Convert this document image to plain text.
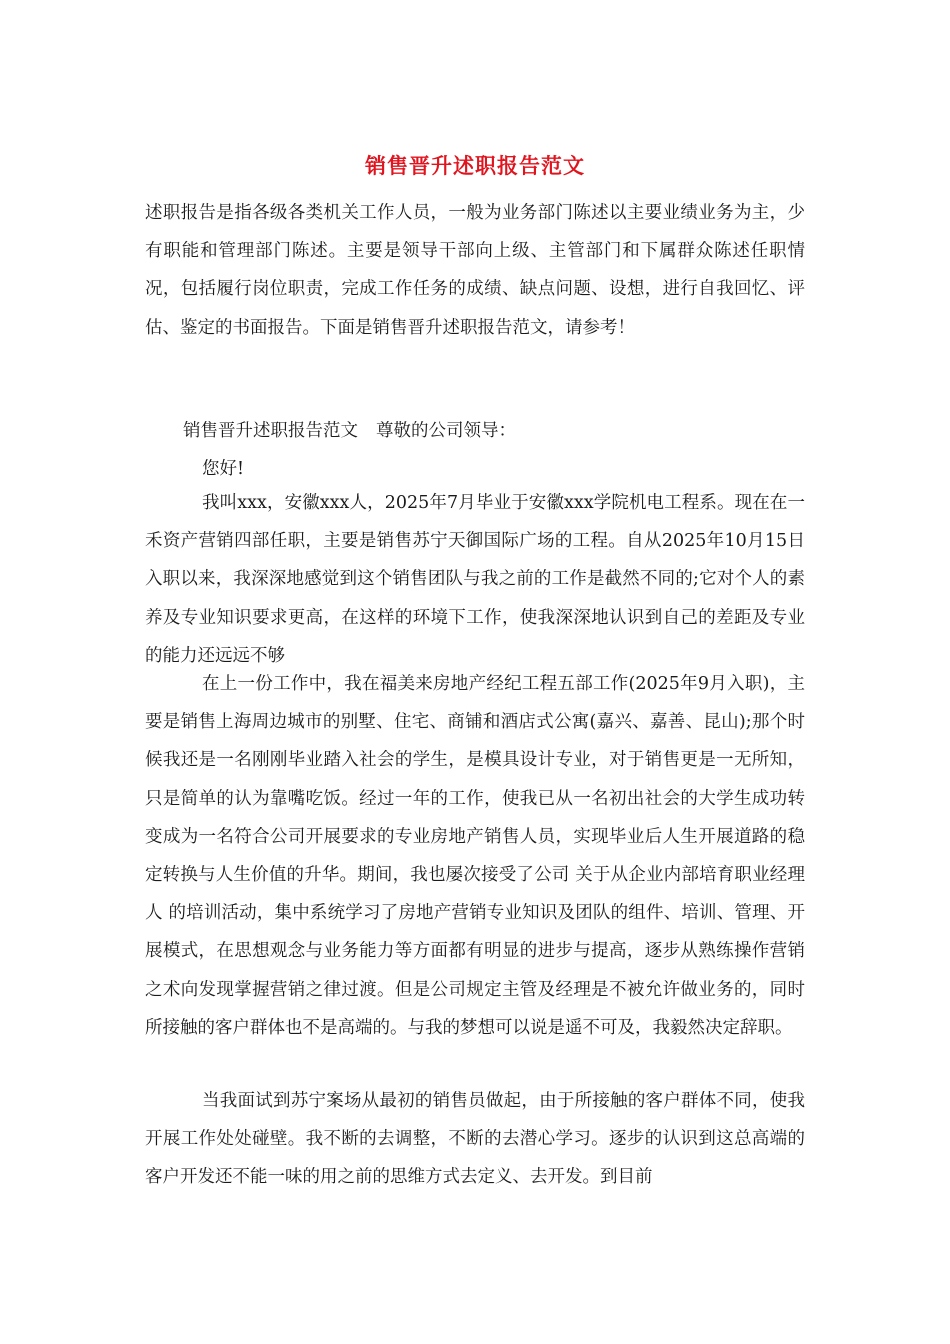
销售晋升述职报告范文
述职报告是指各级各类机关工作人员，一般为业务部门陈述以主要业绩业务为主，少有职能和管理部门陈述。主要是领导干部向上级、主管部门和下属群众陈述任职情况，包括履行岗位职责，完成工作任务的成绩、缺点问题、设想，进行自我回忆、评估、鉴定的书面报告。下面是销售晋升述职报告范文，请参考！
销售晋升述职报告范文 尊敬的公司领导：
您好!
我叫xxx，安徽xxx人，2025年7月毕业于安徽xxx学院机电工程系。现在在一禾资产营销四部任职，主要是销售苏宁天御国际广场的工程。自从2025年10月15日入职以来，我深深地感觉到这个销售团队与我之前的工作是截然不同的;它对个人的素养及专业知识要求更高，在这样的环境下工作，使我深深地认识到自己的差距及专业的能力还远远不够
在上一份工作中，我在福美来房地产经纪工程五部工作(2025年9月入职)，主要是销售上海周边城市的别墅、住宅、商铺和酒店式公寓(嘉兴、嘉善、昆山);那个时候我还是一名刚刚毕业踏入社会的学生，是模具设计专业，对于销售更是一无所知，只是简单的认为靠嘴吃饭。经过一年的工作，使我已从一名初出社会的大学生成功转变成为一名符合公司开展要求的专业房地产销售人员，实现毕业后人生开展道路的稳定转换与人生价值的升华。期间，我也屡次接受了公司 关于从企业内部培育职业经理人 的培训活动，集中系统学习了房地产营销专业知识及团队的组件、培训、管理、开展模式，在思想观念与业务能力等方面都有明显的进步与提高，逐步从熟练操作营销之术向发现掌握营销之律过渡。但是公司规定主管及经理是不被允许做业务的，同时所接触的客户群体也不是高端的。与我的梦想可以说是遥不可及，我毅然决定辞职。
当我面试到苏宁案场从最初的销售员做起，由于所接触的客户群体不同，使我开展工作处处碰壁。我不断的去调整，不断的去潜心学习。逐步的认识到这总高端的客户开发还不能一味的用之前的思维方式去定义、去开发。到目前
